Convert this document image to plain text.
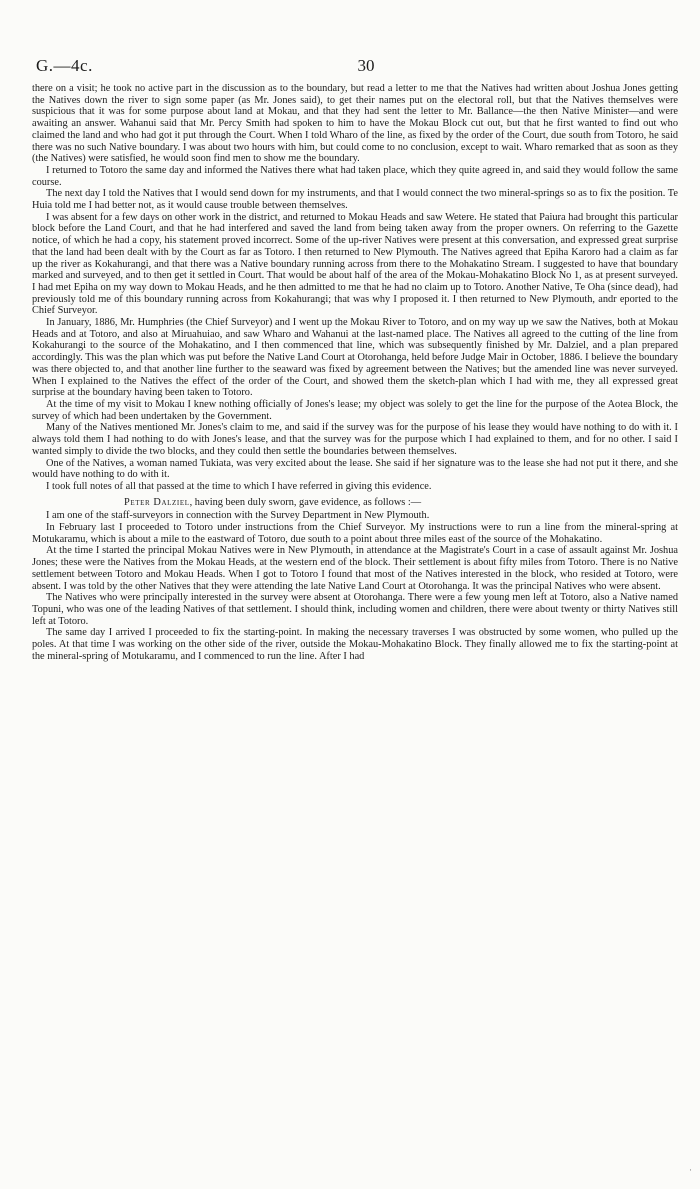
G.—4c.	30

there on a visit; he took no active part in the discussion as to the boundary, but read a letter to me that the Natives had written about Joshua Jones getting the Natives down the river to sign some paper (as Mr. Jones said), to get their names put on the electoral roll, but that the Natives themselves were suspicious that it was for some purpose about land at Mokau, and that they had sent the letter to Mr. Ballance—the then Native Minister—and were awaiting an answer. Wahanui said that Mr. Percy Smith had spoken to him to have the Mokau Block cut out, but that he first wanted to find out who claimed the land and who had got it put through the Court. When I told Wharo of the line, as fixed by the order of the Court, due south from Totoro, he said there was no such Native boundary. I was about two hours with him, but could come to no conclusion, except to wait. Wharo remarked that as soon as they (the Natives) were satisfied, he would soon find men to show me the boundary.

I returned to Totoro the same day and informed the Natives there what had taken place, which they quite agreed in, and said they would follow the same course.

The next day I told the Natives that I would send down for my instruments, and that I would connect the two mineral-springs so as to fix the position. Te Huia told me I had better not, as it would cause trouble between themselves.

I was absent for a few days on other work in the district, and returned to Mokau Heads and saw Wetere. He stated that Paiura had brought this particular block before the Land Court, and that he had interfered and saved the land from being taken away from the proper owners. On referring to the Gazette notice, of which he had a copy, his statement proved incorrect. Some of the up-river Natives were present at this conversation, and expressed great surprise that the land had been dealt with by the Court as far as Totoro. I then returned to New Plymouth. The Natives agreed that Epiha Karoro had a claim as far up the river as Kokahurangi, and that there was a Native boundary running across from there to the Mohakatino Stream. I suggested to have that boundary marked and surveyed, and to then get it settled in Court. That would be about half of the area of the Mokau-Mohakatino Block No 1, as at present surveyed. I had met Epiha on my way down to Mokau Heads, and he then admitted to me that he had no claim up to Totoro. Another Native, Te Oha (since dead), had previously told me of this boundary running across from Kokahurangi; that was why I proposed it. I then returned to New Plymouth, andr eported to the Chief Surveyor.

In January, 1886, Mr. Humphries (the Chief Surveyor) and I went up the Mokau River to Totoro, and on my way up we saw the Natives, both at Mokau Heads and at Totoro, and also at Miruahuiao, and saw Wharo and Wahanui at the last-named place. The Natives all agreed to the cutting of the line from Kokahurangi to the source of the Mohakatino, and I then commenced that line, which was subsequently finished by Mr. Dalziel, and a plan prepared accordingly. This was the plan which was put before the Native Land Court at Otorohanga, held before Judge Mair in October, 1886. I believe the boundary was there objected to, and that another line further to the seaward was fixed by agreement between the Natives; but the amended line was never surveyed. When I explained to the Natives the effect of the order of the Court, and showed them the sketch-plan which I had with me, they all expressed great surprise at the boundary having been taken to Totoro.

At the time of my visit to Mokau I knew nothing officially of Jones's lease; my object was solely to get the line for the purpose of the Aotea Block, the survey of which had been undertaken by the Government.

Many of the Natives mentioned Mr. Jones's claim to me, and said if the survey was for the purpose of his lease they would have nothing to do with it. I always told them I had nothing to do with Jones's lease, and that the survey was for the purpose which I had explained to them, and for no other. I said I wanted simply to divide the two blocks, and they could then settle the boundaries between themselves.

One of the Natives, a woman named Tukiata, was very excited about the lease. She said if her signature was to the lease she had not put it there, and she would have nothing to do with it.

I took full notes of all that passed at the time to which I have referred in giving this evidence.

Peter Dalziel, having been duly sworn, gave evidence, as follows :—

I am one of the staff-surveyors in connection with the Survey Department in New Plymouth.

In February last I proceeded to Totoro under instructions from the Chief Surveyor. My instructions were to run a line from the mineral-spring at Motukaramu, which is about a mile to the eastward of Totoro, due south to a point about three miles east of the source of the Mohakatino.

At the time I started the principal Mokau Natives were in New Plymouth, in attendance at the Magistrate's Court in a case of assault against Mr. Joshua Jones; these were the Natives from the Mokau Heads, at the western end of the block. Their settlement is about fifty miles from Totoro. There is no Native settlement between Totoro and Mokau Heads. When I got to Totoro I found that most of the Natives interested in the block, who resided at Totoro, were absent. I was told by the other Natives that they were attending the late Native Land Court at Otorohanga. It was the principal Natives who were absent.

The Natives who were principally interested in the survey were absent at Otorohanga. There were a few young men left at Totoro, also a Native named Topuni, who was one of the leading Natives of that settlement. I should think, including women and children, there were about twenty or thirty Natives still left at Totoro.

The same day I arrived I proceeded to fix the starting-point. In making the necessary traverses I was obstructed by some women, who pulled up the poles. At that time I was working on the other side of the river, outside the Mokau-Mohakatino Block. They finally allowed me to fix the starting-point at the mineral-spring of Motukaramu, and I commenced to run the line. After I had

·
